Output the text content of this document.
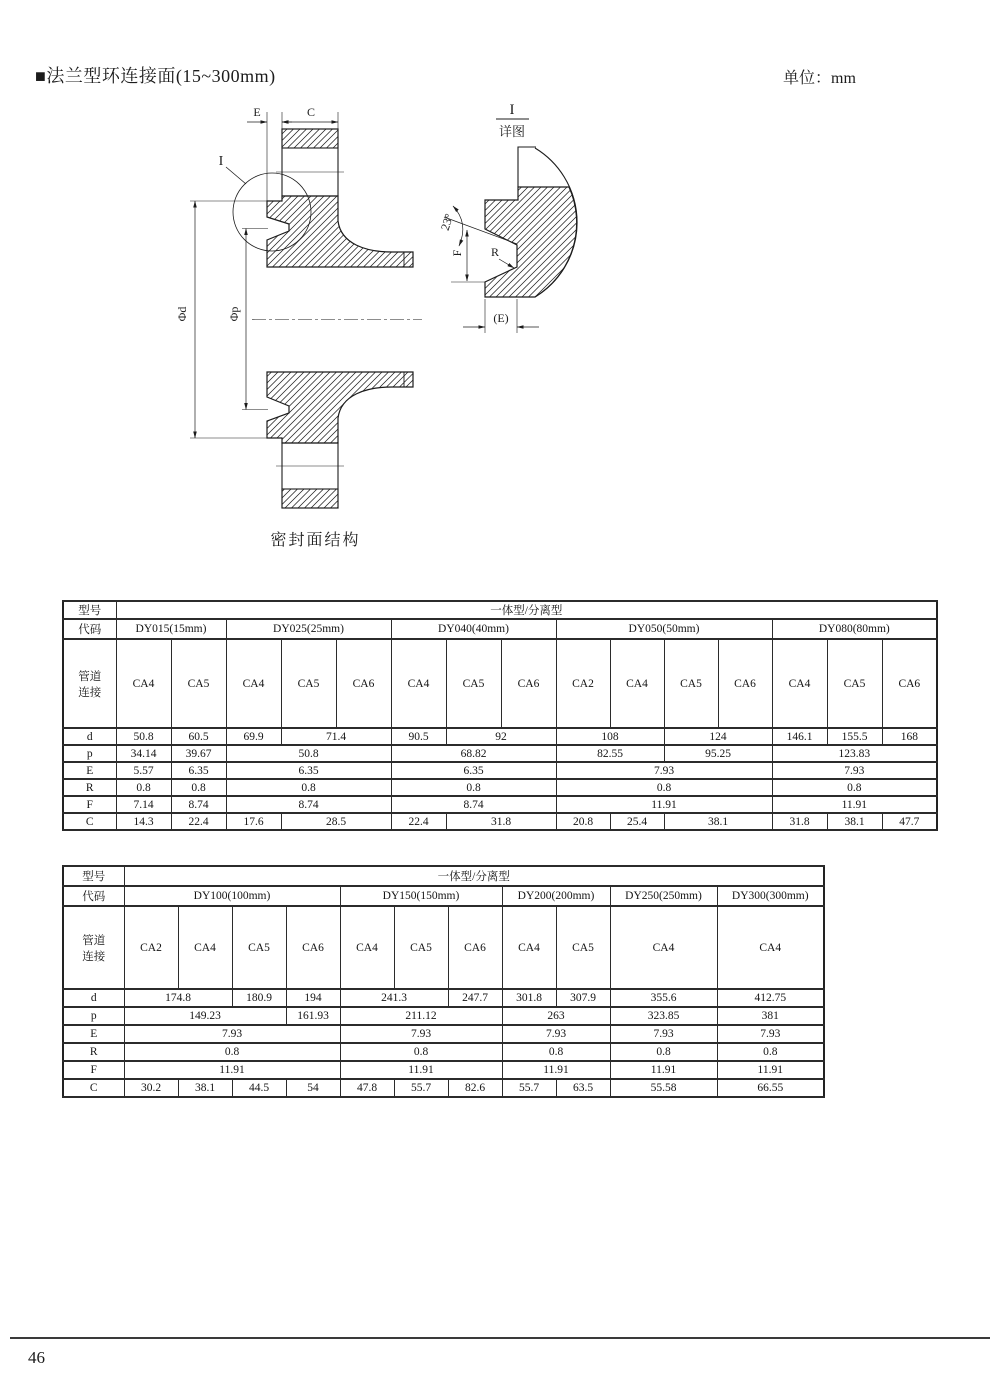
■法兰型环连接面(15~300mm)	单位：mm
E	C
I
Φd	Φp
I
详图
23°
F R
(E)
密封面结构
型号	一体型/分离型														
代码	DY015(15mm)		DY025(25mm)			DY040(40mm)			DY050(50mm)				DY080(80mm)		
管道
连接	CA4	CA5	CA4	CA5	CA6	CA4	CA5	CA6	CA2	CA4	CA5	CA6	CA4	CA5	CA6
d	50.8	60.5	69.9	71.4		90.5	92		108		124		146.1	155.5	168
p	34.14	39.67	50.8			68.82			82.55		95.25		123.83		
E	5.57	6.35	6.35			6.35			7.93				7.93		
R	0.8	0.8	0.8			0.8			0.8				0.8		
F	7.14	8.74	8.74			8.74			11.91				11.91		
C	14.3	22.4	17.6	28.5		22.4	31.8		20.8	25.4	38.1		31.8	38.1	47.7
型号	一体型/分离型										
代码	DY100(100mm)				DY150(150mm)			DY200(200mm)		DY250(250mm)	DY300(300mm)
管道
连接	CA2	CA4	CA5	CA6	CA4	CA5	CA6	CA4	CA5	CA4	CA4
d	174.8		180.9	194	241.3		247.7	301.8	307.9	355.6	412.75
p	149.23			161.93	211.12			263		323.85	381
E	7.93				7.93			7.93		7.93	7.93
R	0.8				0.8			0.8		0.8	0.8
F	11.91				11.91			11.91		11.91	11.91
C	30.2	38.1	44.5	54	47.8	55.7	82.6	55.7	63.5	55.58	66.55
46
